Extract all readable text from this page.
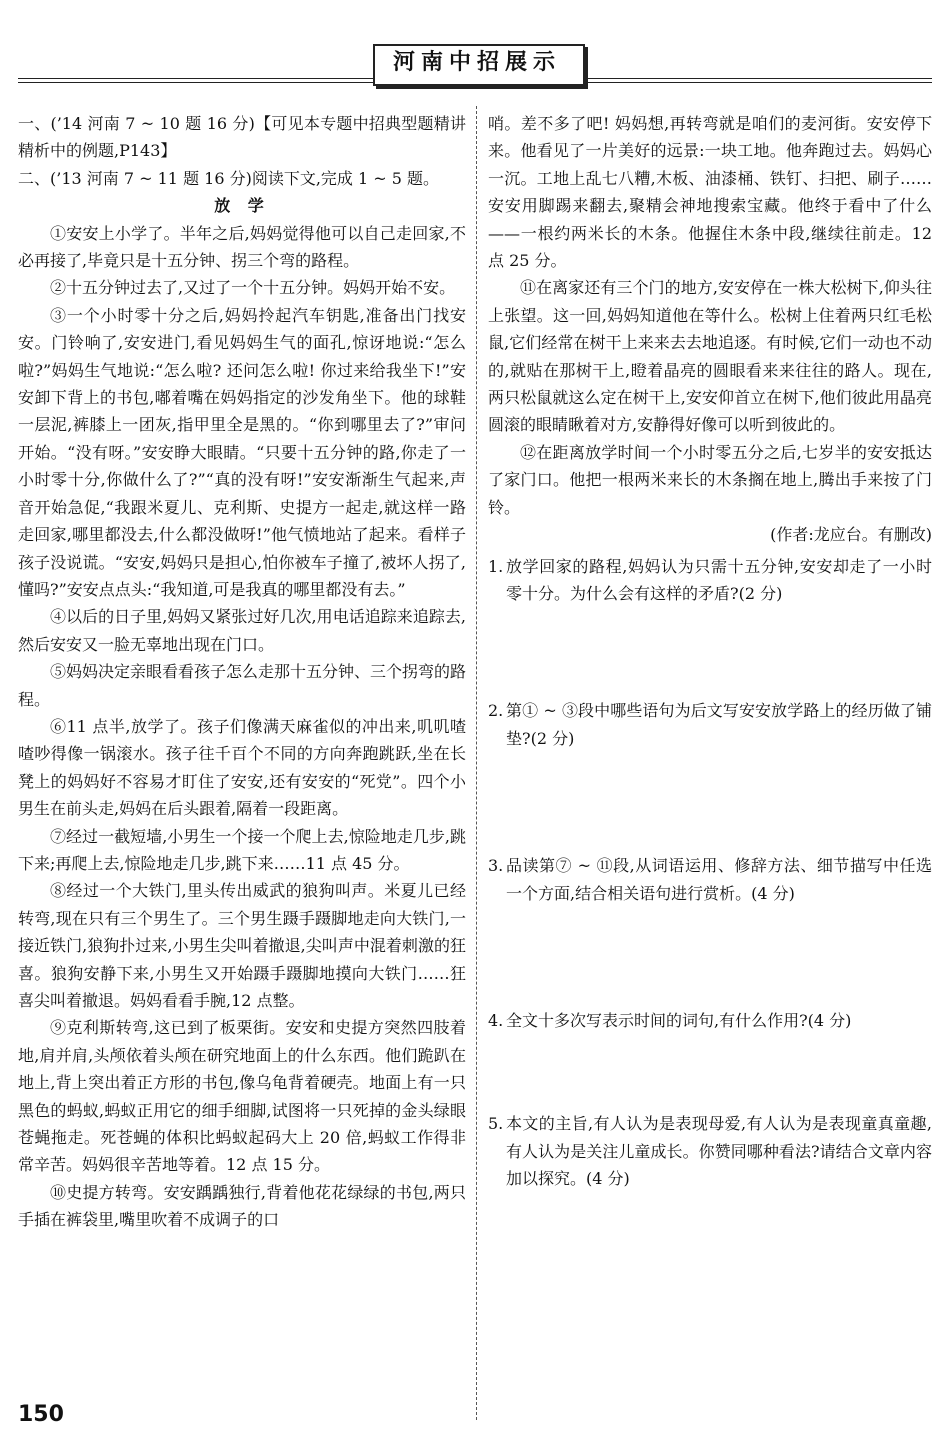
河南中招展示

一、(’14 河南 7 ~ 10 题 16 分)【可见本专题中招典型题精讲精析中的例题,P143】

二、(’13 河南 7 ~ 11 题 16 分)阅读下文,完成 1 ~ 5 题。

放 学

①安安上小学了。半年之后,妈妈觉得他可以自己走回家,不必再接了,毕竟只是十五分钟、拐三个弯的路程。

②十五分钟过去了,又过了一个十五分钟。妈妈开始不安。

③一个小时零十分之后,妈妈拎起汽车钥匙,准备出门找安安。门铃响了,安安进门,看见妈妈生气的面孔,惊讶地说:“怎么啦?”妈妈生气地说:“怎么啦? 还问怎么啦! 你过来给我坐下!”安安卸下背上的书包,嘟着嘴在妈妈指定的沙发角坐下。他的球鞋一层泥,裤膝上一团灰,指甲里全是黑的。“你到哪里去了?”审问开始。“没有呀。”安安睁大眼睛。“只要十五分钟的路,你走了一小时零十分,你做什么了?”“真的没有呀!”安安渐渐生气起来,声音开始急促,“我跟米夏儿、克利斯、史提方一起走,就这样一路走回家,哪里都没去,什么都没做呀!”他气愤地站了起来。看样子孩子没说谎。“安安,妈妈只是担心,怕你被车子撞了,被坏人拐了,懂吗?”安安点点头:“我知道,可是我真的哪里都没有去。”

④以后的日子里,妈妈又紧张过好几次,用电话追踪来追踪去,然后安安又一脸无辜地出现在门口。

⑤妈妈决定亲眼看看孩子怎么走那十五分钟、三个拐弯的路程。

⑥11 点半,放学了。孩子们像满天麻雀似的冲出来,叽叽喳喳吵得像一锅滚水。孩子往千百个不同的方向奔跑跳跃,坐在长凳上的妈妈好不容易才盯住了安安,还有安安的“死党”。四个小男生在前头走,妈妈在后头跟着,隔着一段距离。

⑦经过一截短墙,小男生一个接一个爬上去,惊险地走几步,跳下来;再爬上去,惊险地走几步,跳下来……11 点 45 分。

⑧经过一个大铁门,里头传出威武的狼狗叫声。米夏儿已经转弯,现在只有三个男生了。三个男生蹑手蹑脚地走向大铁门,一接近铁门,狼狗扑过来,小男生尖叫着撤退,尖叫声中混着刺激的狂喜。狼狗安静下来,小男生又开始蹑手蹑脚地摸向大铁门……狂喜尖叫着撤退。妈妈看看手腕,12 点整。

⑨克利斯转弯,这已到了板栗街。安安和史提方突然四肢着地,肩并肩,头颅依着头颅在研究地面上的什么东西。他们跪趴在地上,背上突出着正方形的书包,像乌龟背着硬壳。地面上有一只黑色的蚂蚁,蚂蚁正用它的细手细脚,试图将一只死掉的金头绿眼苍蝇拖走。死苍蝇的体积比蚂蚁起码大上 20 倍,蚂蚁工作得非常辛苦。妈妈很辛苦地等着。12 点 15 分。

⑩史提方转弯。安安踽踽独行,背着他花花绿绿的书包,两只手插在裤袋里,嘴里吹着不成调子的口

哨。差不多了吧! 妈妈想,再转弯就是咱们的麦河街。安安停下来。他看见了一片美好的远景:一块工地。他奔跑过去。妈妈心一沉。工地上乱七八糟,木板、油漆桶、铁钉、扫把、刷子……安安用脚踢来翻去,聚精会神地搜索宝藏。他终于看中了什么——一根约两米长的木条。他握住木条中段,继续往前走。12 点 25 分。

⑪在离家还有三个门的地方,安安停在一株大松树下,仰头往上张望。这一回,妈妈知道他在等什么。松树上住着两只红毛松鼠,它们经常在树干上来来去去地追逐。有时候,它们一动也不动的,就贴在那树干上,瞪着晶亮的圆眼看来来往往的路人。现在,两只松鼠就这么定在树干上,安安仰首立在树下,他们彼此用晶亮圆滚的眼睛瞅着对方,安静得好像可以听到彼此的。

⑫在距离放学时间一个小时零五分之后,七岁半的安安抵达了家门口。他把一根两米来长的木条搁在地上,腾出手来按了门铃。

(作者:龙应台。有删改)

1. 放学回家的路程,妈妈认为只需十五分钟,安安却走了一小时零十分。为什么会有这样的矛盾?(2 分)
2. 第① ~ ③段中哪些语句为后文写安安放学路上的经历做了铺垫?(2 分)
3. 品读第⑦ ~ ⑪段,从词语运用、修辞方法、细节描写中任选一个方面,结合相关语句进行赏析。(4 分)
4. 全文十多次写表示时间的词句,有什么作用?(4 分)
5. 本文的主旨,有人认为是表现母爱,有人认为是表现童真童趣,有人认为是关注儿童成长。你赞同哪种看法?请结合文章内容加以探究。(4 分)
150
